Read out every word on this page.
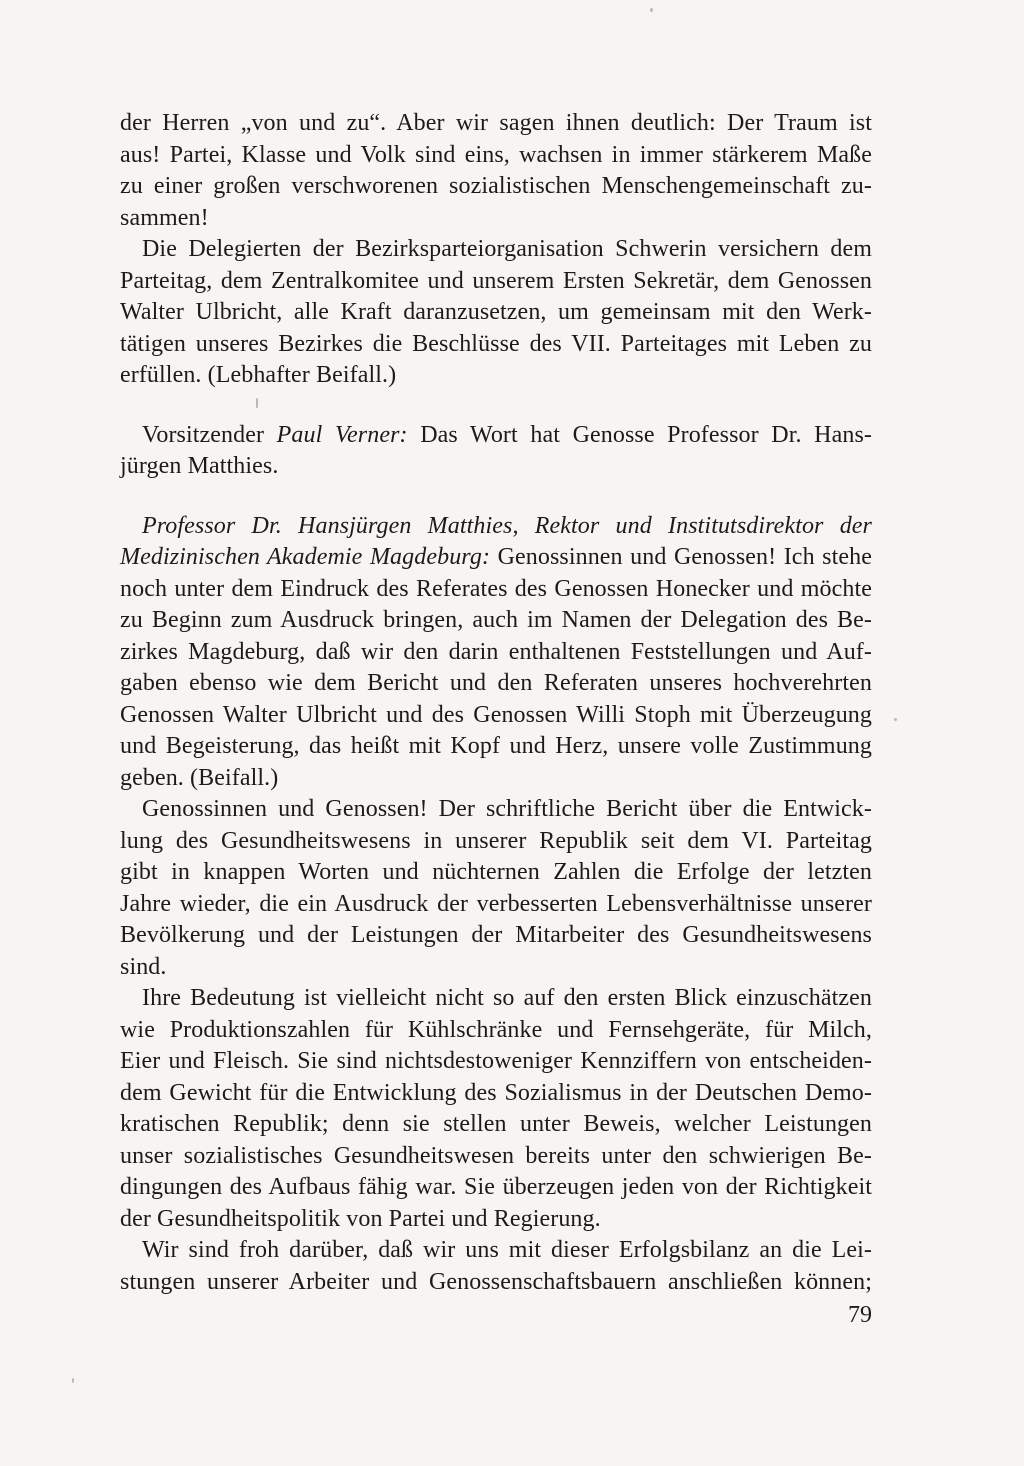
der Herren „von und zu“. Aber wir sagen ihnen deutlich: Der Traum ist
aus! Partei, Klasse und Volk sind eins, wachsen in immer stärkerem Maße
zu einer großen verschworenen sozialistischen Menschengemeinschaft zu-
sammen!
Die Delegierten der Bezirksparteiorganisation Schwerin versichern dem
Parteitag, dem Zentralkomitee und unserem Ersten Sekretär, dem Genossen
Walter Ulbricht, alle Kraft daranzusetzen, um gemeinsam mit den Werk-
tätigen unseres Bezirkes die Beschlüsse des VII. Parteitages mit Leben zu
erfüllen. (Lebhafter Beifall.)
Vorsitzender Paul Verner: Das Wort hat Genosse Professor Dr. Hans-
jürgen Matthies.
Professor Dr. Hansjürgen Matthies, Rektor und Institutsdirektor der
Medizinischen Akademie Magdeburg: Genossinnen und Genossen! Ich stehe
noch unter dem Eindruck des Referates des Genossen Honecker und möchte
zu Beginn zum Ausdruck bringen, auch im Namen der Delegation des Be-
zirkes Magdeburg, daß wir den darin enthaltenen Feststellungen und Auf-
gaben ebenso wie dem Bericht und den Referaten unseres hochverehrten
Genossen Walter Ulbricht und des Genossen Willi Stoph mit Überzeugung
und Begeisterung, das heißt mit Kopf und Herz, unsere volle Zustimmung
geben. (Beifall.)
Genossinnen und Genossen! Der schriftliche Bericht über die Entwick-
lung des Gesundheitswesens in unserer Republik seit dem VI. Parteitag
gibt in knappen Worten und nüchternen Zahlen die Erfolge der letzten
Jahre wieder, die ein Ausdruck der verbesserten Lebensverhältnisse unserer
Bevölkerung und der Leistungen der Mitarbeiter des Gesundheitswesens
sind.
Ihre Bedeutung ist vielleicht nicht so auf den ersten Blick einzuschätzen
wie Produktionszahlen für Kühlschränke und Fernsehgeräte, für Milch,
Eier und Fleisch. Sie sind nichtsdestoweniger Kennziffern von entscheiden-
dem Gewicht für die Entwicklung des Sozialismus in der Deutschen Demo-
kratischen Republik; denn sie stellen unter Beweis, welcher Leistungen
unser sozialistisches Gesundheitswesen bereits unter den schwierigen Be-
dingungen des Aufbaus fähig war. Sie überzeugen jeden von der Richtigkeit
der Gesundheitspolitik von Partei und Regierung.
Wir sind froh darüber, daß wir uns mit dieser Erfolgsbilanz an die Lei-
stungen unserer Arbeiter und Genossenschaftsbauern anschließen können;
79
